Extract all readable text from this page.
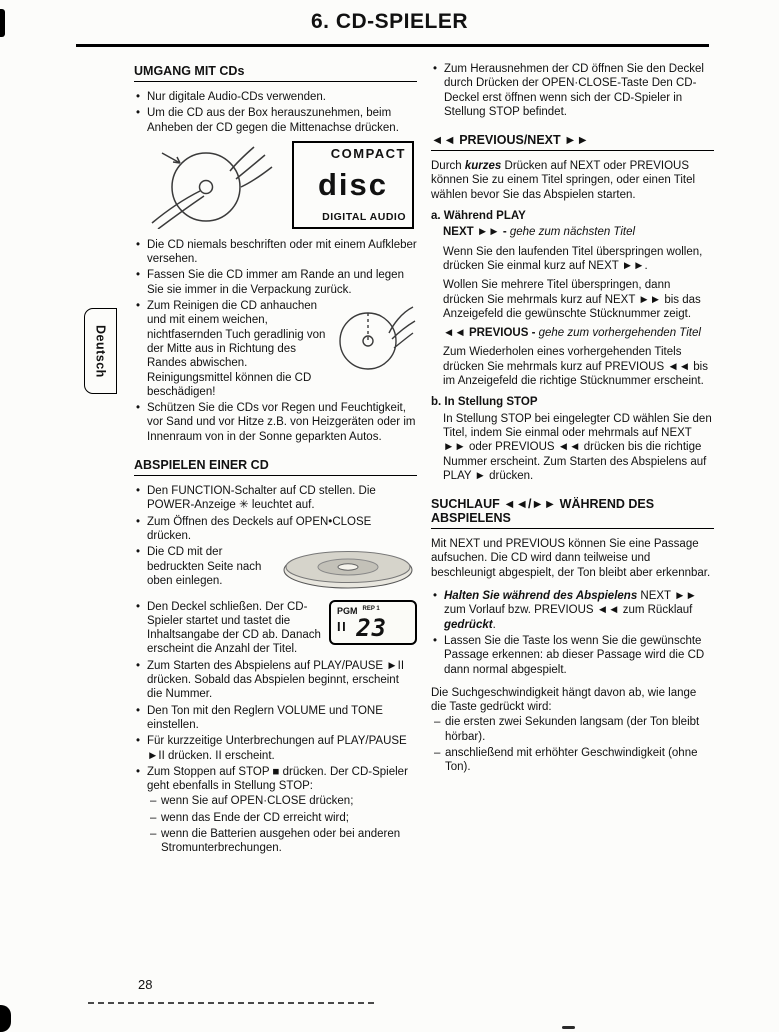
6. CD-SPIELER
Deutsch
UMGANG MIT CDs
• Nur digitale Audio-CDs verwenden.
• Um die CD aus der Box herauszunehmen, beim Anheben der CD gegen die Mittenachse drücken.
COMPACT
disc
DIGITAL AUDIO
• Die CD niemals beschriften oder mit einem Aufkleber versehen.
• Fassen Sie die CD immer am Rande an und legen Sie sie immer in die Verpackung zurück.
• Zum Reinigen die CD anhauchen und mit einem weichen, nichtfasernden Tuch geradlinig von der Mitte aus in Richtung des Randes abwischen. Reinigungsmittel können die CD beschädigen!
• Schützen Sie die CDs vor Regen und Feuchtigkeit, vor Sand und vor Hitze z.B. von Heizgeräten oder im Innenraum von in der Sonne geparkten Autos.
ABSPIELEN EINER CD
• Den FUNCTION-Schalter auf CD stellen. Die POWER-Anzeige ✳ leuchtet auf.
• Zum Öffnen des Deckels auf OPEN•CLOSE drücken.
• Die CD mit der bedruckten Seite nach oben einlegen.
• PGM $^{REP 1}$
II 23
Den Deckel schließen. Der CD-Spieler startet und tastet die Inhaltsangabe der CD ab. Danach erscheint die Anzahl der Titel.
• Zum Starten des Abspielens auf PLAY/PAUSE ►II drücken. Sobald das Abspielen beginnt, erscheint die Nummer.
• Den Ton mit den Reglern VOLUME und TONE einstellen.
• Für kurzzeitige Unterbrechungen auf PLAY/PAUSE ►II drücken. II erscheint.
• Zum Stoppen auf STOP ■ drücken. Der CD-Spieler geht ebenfalls in Stellung STOP:
– wenn Sie auf OPEN·CLOSE drücken;
– wenn das Ende der CD erreicht wird;
– wenn die Batterien ausgehen oder bei anderen Stromunterbrechungen.
• Zum Herausnehmen der CD öffnen Sie den Deckel durch Drücken der OPEN·CLOSE-Taste Den CD-Deckel erst öffnen wenn sich der CD-Spieler in Stellung STOP befindet.
◄◄ PREVIOUS/NEXT ►►

Durch kurzes Drücken auf NEXT oder PREVIOUS können Sie zu einem Titel springen, oder einen Titel wählen bevor Sie das Abspielen starten.

a. Während PLAY

NEXT ►► - gehe zum nächsten Titel

Wenn Sie den laufenden Titel überspringen wollen, drücken Sie einmal kurz auf NEXT ►►.

Wollen Sie mehrere Titel überspringen, dann drücken Sie mehrmals kurz auf NEXT ►► bis das Anzeigefeld die gewünschte Stücknummer zeigt.

◄◄ PREVIOUS - gehe zum vorhergehenden Titel

Zum Wiederholen eines vorhergehenden Titels drücken Sie mehrmals kurz auf PREVIOUS ◄◄ bis im Anzeigefeld die richtige Stücknummer erscheint.

b. In Stellung STOP

In Stellung STOP bei eingelegter CD wählen Sie den Titel, indem Sie einmal oder mehrmals auf NEXT ►► oder PREVIOUS ◄◄ drücken bis die richtige Nummer erscheint. Zum Starten des Abspielens auf PLAY ► drücken.

SUCHLAUF ◄◄/►► WÄHREND DES ABSPIELENS

Mit NEXT und PREVIOUS können Sie eine Passage aufsuchen. Die CD wird dann teilweise und beschleunigt abgespielt, der Ton bleibt aber erkennbar.

• Halten Sie während des Abspielens NEXT ►► zum Vorlauf bzw. PREVIOUS ◄◄ zum Rücklauf gedrückt.
• Lassen Sie die Taste los wenn Sie die gewünschte Passage erkennen: ab dieser Passage wird die CD dann normal abgespielt.

Die Suchgeschwindigkeit hängt davon ab, wie lange die Taste gedrückt wird:

– die ersten zwei Sekunden langsam (der Ton bleibt hörbar).
– anschließend mit erhöhter Geschwindigkeit (ohne Ton).
28
